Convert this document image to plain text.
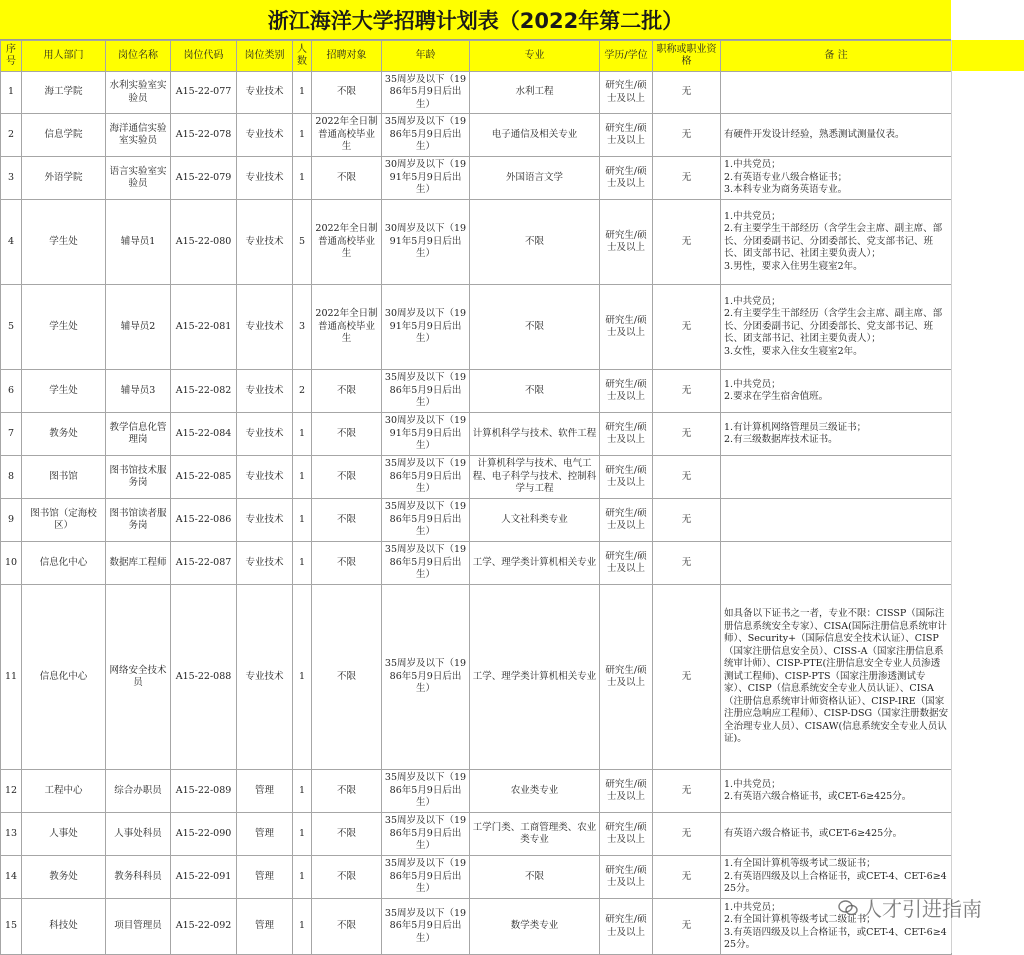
浙江海洋大学招聘计划表（2022年第二批）
序号	用人部门	岗位名称	岗位代码	岗位类别	人数	招聘对象	年龄	专业	学历/学位	职称或职业资格	备 注
1	海工学院	水利实验室实验员	A15-22-077	专业技术	1	不限	35周岁及以下（1986年5月9日后出生）	水利工程	研究生/硕士及以上	无	
2	信息学院	海洋通信实验室实验员	A15-22-078	专业技术	1	2022年全日制普通高校毕业生	35周岁及以下（1986年5月9日后出生）	电子通信及相关专业	研究生/硕士及以上	无	有硬件开发设计经验，熟悉测试测量仪表。

3	外语学院	语言实验室实验员	A15-22-079	专业技术	1	不限	30周岁及以下（1991年5月9日后出生）	外国语言文学	研究生/硕士及以上	无	1.中共党员；
2.有英语专业八级合格证书；
3.本科专业为商务英语专业。

4	学生处	辅导员1	A15-22-080	专业技术	5	2022年全日制普通高校毕业生	30周岁及以下（1991年5月9日后出生）	不限	研究生/硕士及以上	无	1.中共党员；
2.有主要学生干部经历（含学生会主席、副主席、部长、分团委副书记、分团委部长、党支部书记、班长、团支部书记、社团主要负责人）；
3.男性，要求入住男生寝室2年。

5	学生处	辅导员2	A15-22-081	专业技术	3	2022年全日制普通高校毕业生	30周岁及以下（1991年5月9日后出生）	不限	研究生/硕士及以上	无	1.中共党员；
2.有主要学生干部经历（含学生会主席、副主席、部长、分团委副书记、分团委部长、党支部书记、班长、团支部书记、社团主要负责人）；
3.女性，要求入住女生寝室2年。

6	学生处	辅导员3	A15-22-082	专业技术	2	不限	35周岁及以下（1986年5月9日后出生）	不限	研究生/硕士及以上	无	1.中共党员；
2.要求在学生宿舍值班。

7	教务处	教学信息化管理岗	A15-22-084	专业技术	1	不限	30周岁及以下（1991年5月9日后出生）	计算机科学与技术、软件工程	研究生/硕士及以上	无	1.有计算机网络管理员三级证书；
2.有三级数据库技术证书。

8	图书馆	图书馆技术服务岗	A15-22-085	专业技术	1	不限	35周岁及以下（1986年5月9日后出生）	计算机科学与技术、电气工程、电子科学与技术、控制科学与工程	研究生/硕士及以上	无	
9	图书馆（定海校区）	图书馆读者服务岗	A15-22-086	专业技术	1	不限	35周岁及以下（1986年5月9日后出生）	人文社科类专业	研究生/硕士及以上	无	
10	信息化中心	数据库工程师	A15-22-087	专业技术	1	不限	35周岁及以下（1986年5月9日后出生）	工学、理学类计算机相关专业	研究生/硕士及以上	无	
11	信息化中心	网络安全技术员	A15-22-088	专业技术	1	不限	35周岁及以下（1986年5月9日后出生）	工学、理学类计算机相关专业	研究生/硕士及以上	无	如具备以下证书之一者，专业不限：CISSP（国际注册信息系统安全专家）、CISA(国际注册信息系统审计师）、Security+（国际信息安全技术认证）、CISP（国家注册信息安全员）、CISS-A（国家注册信息系统审计师）、CISP-PTE(注册信息安全专业人员渗透测试工程师)、CISP-PTS（国家注册渗透测试专家）、CISP（信息系统安全专业人员认证）、CISA（注册信息系统审计师资格认证）、CISP-IRE（国家注册应急响应工程师）、CISP-DSG（国家注册数据安全治理专业人员）、CISAW(信息系统安全专业人员认证)。

12	工程中心	综合办职员	A15-22-089	管理	1	不限	35周岁及以下（1986年5月9日后出生）	农业类专业	研究生/硕士及以上	无	1.中共党员；
2.有英语六级合格证书，或CET-6≥425分。

13	人事处	人事处科员	A15-22-090	管理	1	不限	35周岁及以下（1986年5月9日后出生）	工学门类、工商管理类、农业类专业	研究生/硕士及以上	无	有英语六级合格证书，或CET-6≥425分。

14	教务处	教务科科员	A15-22-091	管理	1	不限	35周岁及以下（1986年5月9日后出生）	不限	研究生/硕士及以上	无	1.有全国计算机等级考试二级证书；
2.有英语四级及以上合格证书，或CET-4、CET-6≥425分。

15	科技处	项目管理员	A15-22-092	管理	1	不限	35周岁及以下（1986年5月9日后出生）	数学类专业	研究生/硕士及以上	无	1.中共党员；
2.有全国计算机等级考试二级证书；
3.有英语四级及以上合格证书，或CET-4、CET-6≥425分。
人才引进指南
